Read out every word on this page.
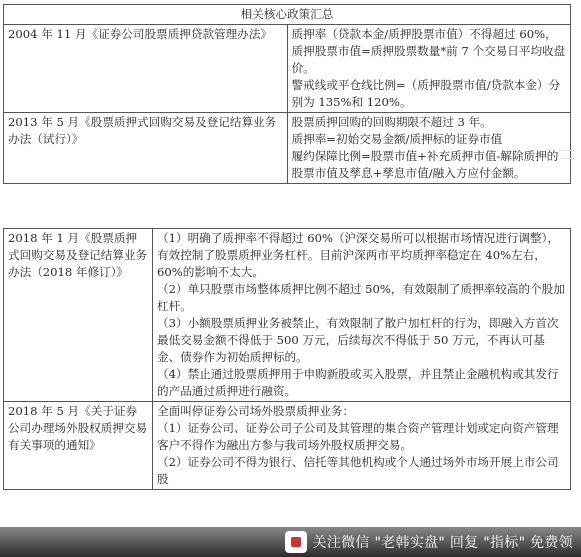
相关核心政策汇总	
2004 年 11 月《证券公司股票质押贷款管理办法》	质押率（贷款本金/质押股票市值）不得超过 60%，质押股票市值=质押股票数量*前 7 个交易日平均收盘价。

警戒线或平仓线比例=（质押股票市值/贷款本金）分别为 135%和 120%。

2013 年 5 月《股票质押式回购交易及登记结算业务办法（试行）》	股票质押回购的回购期限不超过 3 年。

质押率=初始交易金额/质押标的证券市值

履约保障比例=股票市值+补充质押市值-解除质押的股票市值及孳息+孳息市值/融入方应付金额。

2018 年 1 月《股票质押式回购交易及登记结算业务办法（2018 年修订）》	（1）明确了质押率不得超过 60%（沪深交易所可以根据市场情况进行调整），有效控制了股票质押业务杠杆。目前沪深两市平均质押率稳定在 40%左右，60%的影响不太大。

（2）单只股票市场整体质押比例不超过 50%，有效限制了质押率较高的个股加杠杆。

（3）小额股票质押业务被禁止，有效限制了散户加杠杆的行为，即融入方首次最低交易金额不得低于 500 万元，后续每次不得低于 50 万元，不再认可基金、债券作为初始质押标的。

（4）禁止通过股票质押用于申购新股或买入股票，并且禁止金融机构或其发行的产品通过质押进行融资。

2018 年 5 月《关于证券公司办理场外股权质押交易有关事项的通知》	全面叫停证券公司场外股票质押业务：

（1）证券公司、证券公司子公司及其管理的集合资产管理计划或定向资产管理客户不得作为融出方参与我司场外股权质押交易。

（2）证券公司不得为银行、信托等其他机构或个人通过场外市场开展上市公司股

关注微信 "老韩实盘" 回复 "指标" 免费领
